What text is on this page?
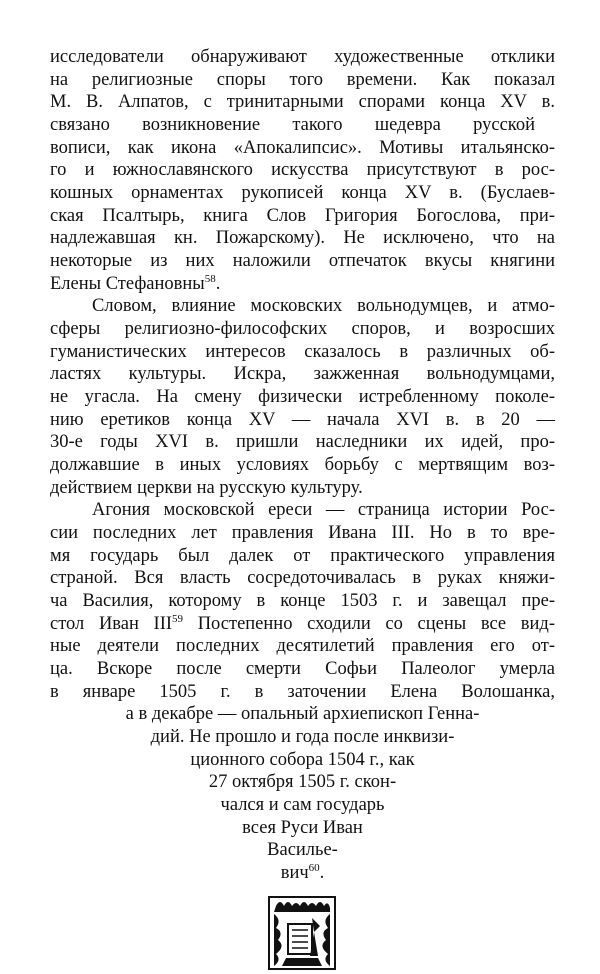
исследователи обнаруживают художественные отклики
на религиозные споры того времени. Как показал
М. В. Алпатов, с тринитарными спорами конца XV в.
связано возникновение такого шедевра русской
вописи, как икона «Апокалипсис». Мотивы итальянско-
го и южнославянского искусства присутствуют в рос-
кошных орнаментах рукописей конца XV в. (Буслаев-
ская Псалтырь, книга Слов Григория Богослова, при-
надлежавшая кн. Пожарскому). Не исключено, что на
некоторые из них наложили отпечаток вкусы княгини
Елены Стефановны$^{58}$.
Словом, влияние московских вольнодумцев, и атмо-
сферы религиозно-философских споров, и возросших
гуманистических интересов сказалось в различных об-
ластях культуры. Искра, зажженная вольнодумцами,
не угасла. На смену физически истребленному поколе-
нию еретиков конца XV — начала XVI в. в 20 —
30-е годы XVI в. пришли наследники их идей, про-
должавшие в иных условиях борьбу с мертвящим воз-
действием церкви на русскую культуру.
Агония московской ереси — страница истории Рос-
сии последних лет правления Ивана III. Но в то вре-
мя государь был далек от практического управления
страной. Вся власть сосредоточивалась в руках княжи-
ча Василия, которому в конце 1503 г. и завещал пре-
стол Иван III$^{59}$ Постепенно сходили со сцены все вид-
ные деятели последних десятилетий правления его от-
ца. Вскоре после смерти Софьи Палеолог умерла
в январе 1505 г. в заточении Елена Волошанка,
а в декабре — опальный архиепископ Генна-
дий. Не прошло и года после инквизи-
ционного собора 1504 г., как
27 октября 1505 г. скон-
чался и сам государь
всея Руси Иван
Василье-
вич$^{60}$.
